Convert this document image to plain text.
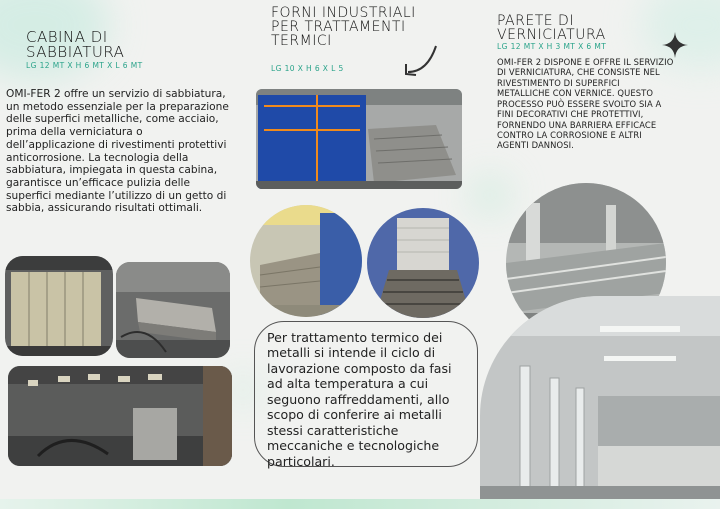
CABINA DI SABBIATURA
LG 12 MT X H 6 MT X L 6 MT
OMI-FER 2 offre un servizio di sabbiatura, un metodo essenziale per la preparazione delle superfici metalliche, come acciaio, prima della verniciatura o dell’applicazione di rivestimenti protettivi anticorrosione. La tecnologia della sabbiatura, impiegata in questa cabina, garantisce un’efficace pulizia delle superfici mediante l’utilizzo di un getto di sabbia, assicurando risultati ottimali.
FORNI INDUSTRIALI PER TRATTAMENTI TERMICI
LG 10 X H 6 X L 5
PARETE DI VERNICIATURA
LG 12 MT X H 3 MT X 6 MT
OMI-FER 2 DISPONE E OFFRE IL SERVIZIO DI VERNICIATURA, CHE CONSISTE NEL RIVESTIMENTO DI SUPERFICI METALLICHE CON VERNICE. QUESTO PROCESSO PUÒ ESSERE SVOLTO SIA A FINI DECORATIVI CHE PROTETTIVI, FORNENDO UNA BARRIERA EFFICACE CONTRO LA CORROSIONE E ALTRI AGENTI DANNOSI.
Per trattamento termico dei metalli si intende il ciclo di lavorazione composto da fasi ad alta temperatura a cui seguono raffreddamenti, allo scopo di conferire ai metalli stessi caratteristiche meccaniche e tecnologiche particolari.
